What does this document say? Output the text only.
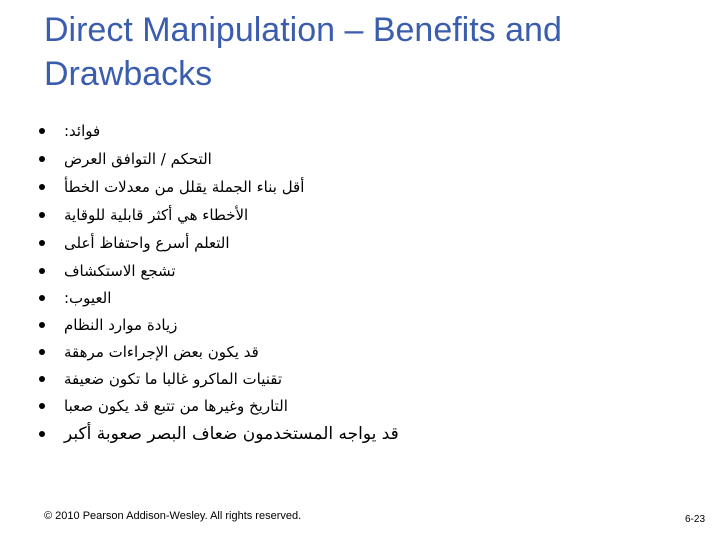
Direct Manipulation – Benefits and
Drawbacks
فوائد:
التحكم / التوافق العرض
أقل بناء الجملة يقلل من معدلات الخطأ
الأخطاء هي أكثر قابلية للوقاية
التعلم أسرع واحتفاظ أعلى
تشجع الاستكشاف
العيوب:
زيادة موارد النظام
قد يكون بعض الإجراءات مرهقة
تقنيات الماكرو غالبا ما تكون ضعيفة
التاريخ وغيرها من تتبع قد يكون صعبا
قد يواجه المستخدمون ضعاف البصر صعوبة أكبر
© 2010 Pearson Addison-Wesley. All rights reserved.	6-23
